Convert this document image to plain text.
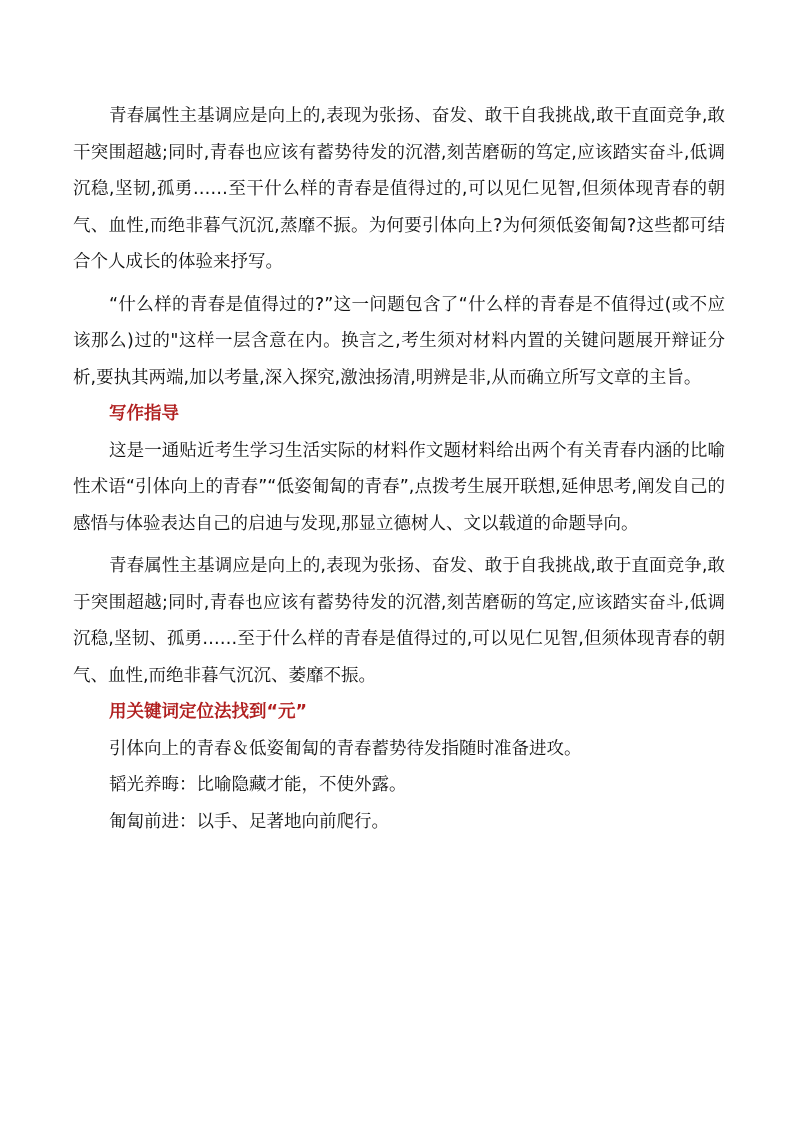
青春属性主基调应是向上的,表现为张扬、奋发、敢干自我挑战,敢干直面竞争,敢干突围超越;同时,青春也应该有蓄势待发的沉潜,刻苦磨砺的笃定,应该踏实奋斗,低调沉稳,坚韧,孤勇……至干什么样的青春是值得过的,可以见仁见智,但须体现青春的朝气、血性,而绝非暮气沉沉,蒸靡不振。为何要引体向上?为何须低姿匍匐?这些都可结合个人成长的体验来抒写。

“什么样的青春是值得过的?”这一问题包含了“什么样的青春是不值得过(或不应该那么)过的"这样一层含意在内。换言之,考生须对材料内置的关键问题展开辩证分析,要执其两端,加以考量,深入探究,激浊扬清,明辨是非,从而确立所写文章的主旨。

写作指导

这是一通贴近考生学习生活实际的材料作文题材料给出两个有关青春内涵的比喻性术语“引体向上的青春”“低姿匍匐的青春”,点拨考生展开联想,延伸思考,阐发自己的感悟与体验表达自己的启迪与发现,那显立德树人、文以载道的命题导向。

青春属性主基调应是向上的,表现为张扬、奋发、敢于自我挑战,敢于直面竞争,敢于突围超越;同时,青春也应该有蓄势待发的沉潜,刻苦磨砺的笃定,应该踏实奋斗,低调沉稳,坚韧、孤勇……至于什么样的青春是值得过的,可以见仁见智,但须体现青春的朝气、血性,而绝非暮气沉沉、萎靡不振。

用关键词定位法找到“元”

引体向上的青春＆低姿匍匐的青春蓄势待发指随时准备进攻。

韬光养晦：比喻隐藏才能，不使外露。

匍匐前进：以手、足著地向前爬行。
